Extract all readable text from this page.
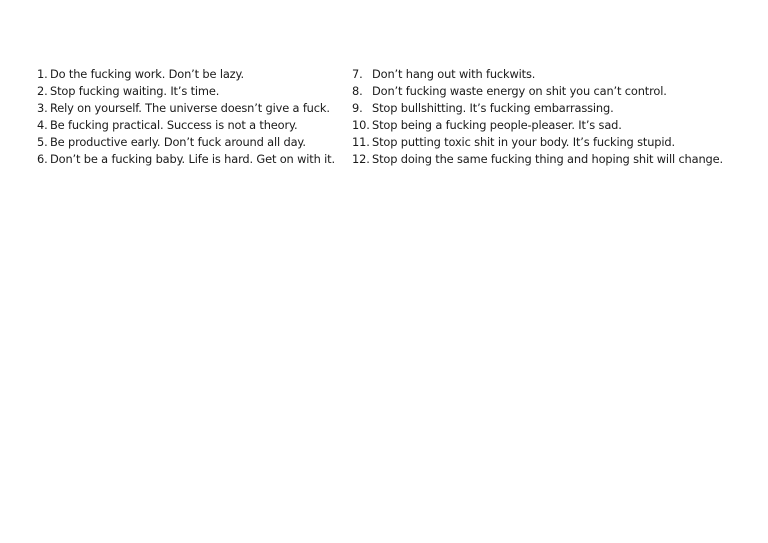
1. Do the fucking work. Don’t be lazy.
2. Stop fucking waiting. It’s time.
3. Rely on yourself. The universe doesn’t give a fuck.
4. Be fucking practical. Success is not a theory.
5. Be productive early. Don’t fuck around all day.
6. Don’t be a fucking baby. Life is hard. Get on with it.
7. Don’t hang out with fuckwits.
8. Don’t fucking waste energy on shit you can’t control.
9. Stop bullshitting. It’s fucking embarrassing.
10. Stop being a fucking people-pleaser. It’s sad.
11. Stop putting toxic shit in your body. It’s fucking stupid.
12. Stop doing the same fucking thing and hoping shit will change.
